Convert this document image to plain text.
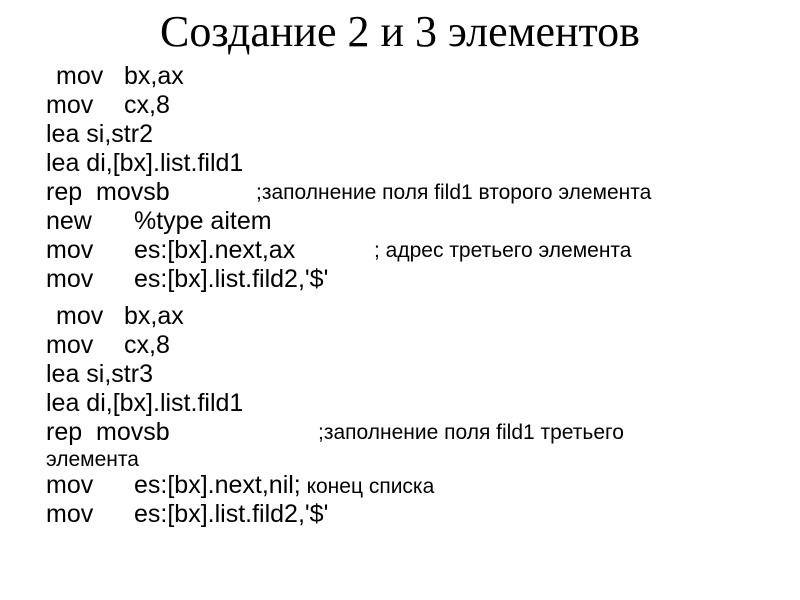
Создание 2 и 3 элементов
mov bx,ax
mov cx,8
lea si,str2
lea di,[bx].list.fild1
rep movsb	;заполнение поля fild1 второго элемента
new %type aitem
mov es:[bx].next,ax	; адрес третьего элемента
mov es:[bx].list.fild2,'$'
mov bx,ax
mov cx,8
lea si,str3
lea di,[bx].list.fild1
rep movsb	;заполнение поля fild1 третьего
элемента
mov es:[bx].next,nil; конец списка
mov es:[bx].list.fild2,'$'
